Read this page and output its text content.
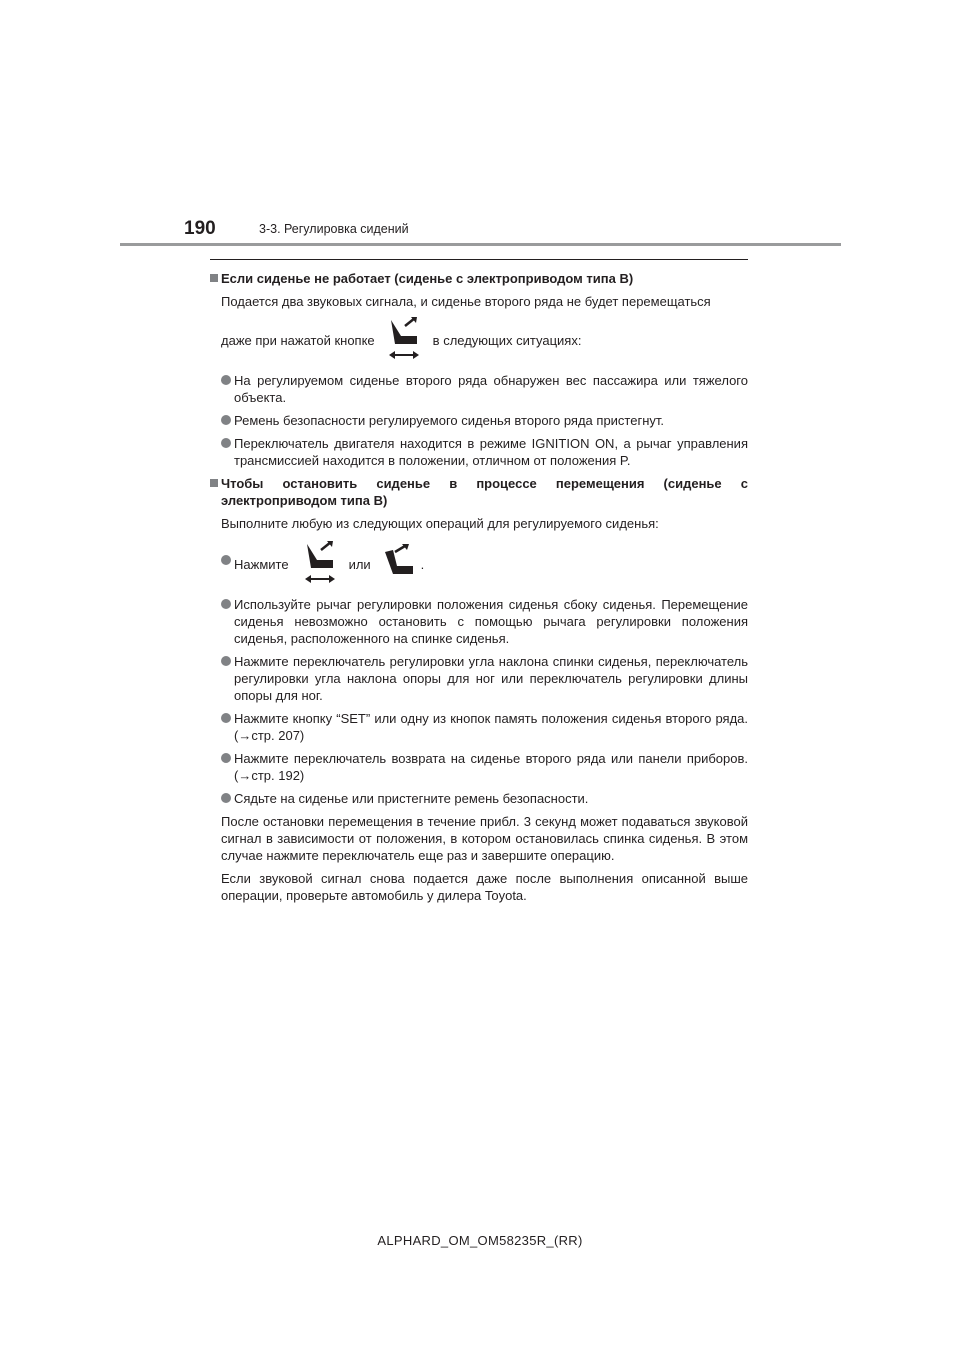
190	3-3. Регулировка сидений
Если сиденье не работает (сиденье с электроприводом типа B)
Подается два звуковых сигнала, и сиденье второго ряда не будет перемещаться
даже при нажатой кнопке	в следующих ситуациях:
На регулируемом сиденье второго ряда обнаружен вес пассажира или тяжелого объекта.
Ремень безопасности регулируемого сиденья второго ряда пристегнут.
Переключатель двигателя находится в режиме IGNITION ON, а рычаг управления трансмиссией находится в положении, отличном от положения P.
Чтобы остановить сиденье в процессе перемещения (сиденье с электроприводом типа B)
Выполните любую из следующих операций для регулируемого сиденья:
Нажмите	или	.
Используйте рычаг регулировки положения сиденья сбоку сиденья. Перемещение сиденья невозможно остановить с помощью рычага регулировки положения сиденья, расположенного на спинке сиденья.
Нажмите переключатель регулировки угла наклона спинки сиденья, переключатель регулировки угла наклона опоры для ног или переключатель регулировки длины опоры для ног.
Нажмите кнопку “SET” или одну из кнопок память положения сиденья второго ряда. (→стр. 207)
Нажмите переключатель возврата на сиденье второго ряда или панели приборов. (→стр. 192)
Сядьте на сиденье или пристегните ремень безопасности.
После остановки перемещения в течение прибл. 3 секунд может подаваться звуковой сигнал в зависимости от положения, в котором остановилась спинка сиденья. В этом случае нажмите переключатель еще раз и завершите операцию.
Если звуковой сигнал снова подается даже после выполнения описанной выше операции, проверьте автомобиль у дилера Toyota.
ALPHARD_OM_OM58235R_(RR)
